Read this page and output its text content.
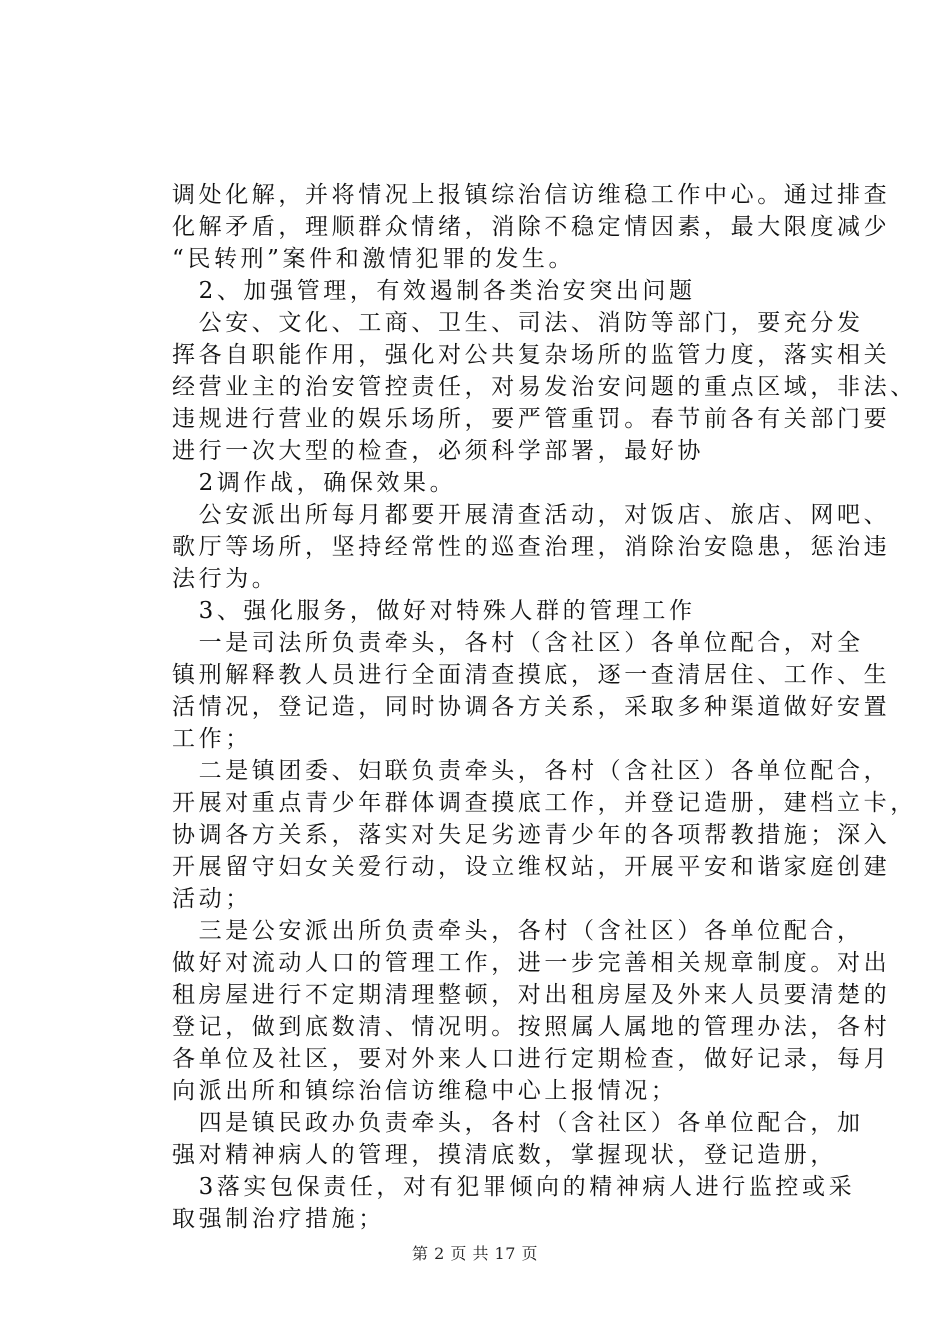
调处化解，并将情况上报镇综治信访维稳工作中心。通过排查
化解矛盾，理顺群众情绪，消除不稳定情因素，最大限度减少
“民转刑”案件和激情犯罪的发生。
　2、加强管理，有效遏制各类治安突出问题
　公安、文化、工商、卫生、司法、消防等部门，要充分发
挥各自职能作用，强化对公共复杂场所的监管力度，落实相关
经营业主的治安管控责任，对易发治安问题的重点区域，非法、
违规进行营业的娱乐场所，要严管重罚。春节前各有关部门要
进行一次大型的检查，必须科学部署，最好协
　2调作战，确保效果。
　公安派出所每月都要开展清查活动，对饭店、旅店、网吧、
歌厅等场所，坚持经常性的巡查治理，消除治安隐患，惩治违
法行为。
　3、强化服务，做好对特殊人群的管理工作
　一是司法所负责牵头，各村（含社区）各单位配合，对全
镇刑解释教人员进行全面清查摸底，逐一查清居住、工作、生
活情况，登记造，同时协调各方关系，采取多种渠道做好安置
工作；
　二是镇团委、妇联负责牵头，各村（含社区）各单位配合，
开展对重点青少年群体调查摸底工作，并登记造册，建档立卡，
协调各方关系，落实对失足劣迹青少年的各项帮教措施；深入
开展留守妇女关爱行动，设立维权站，开展平安和谐家庭创建
活动；
　三是公安派出所负责牵头，各村（含社区）各单位配合，
做好对流动人口的管理工作，进一步完善相关规章制度。对出
租房屋进行不定期清理整顿，对出租房屋及外来人员要清楚的
登记，做到底数清、情况明。按照属人属地的管理办法，各村
各单位及社区，要对外来人口进行定期检查，做好记录，每月
向派出所和镇综治信访维稳中心上报情况；
　四是镇民政办负责牵头，各村（含社区）各单位配合，加
强对精神病人的管理，摸清底数，掌握现状，登记造册，
　3落实包保责任，对有犯罪倾向的精神病人进行监控或采
取强制治疗措施；
第 2 页 共 17 页
